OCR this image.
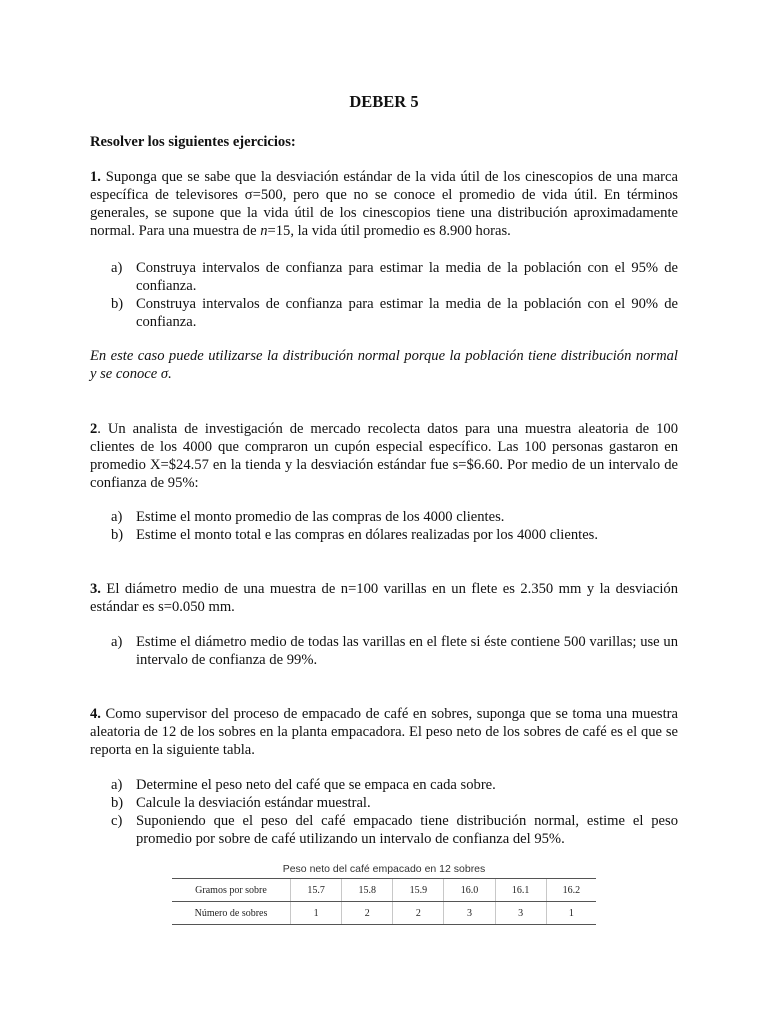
DEBER 5
Resolver los siguientes ejercicios:
1. Suponga que se sabe que la desviación estándar de la vida útil de los cinescopios de una marca específica de televisores σ=500, pero que no se conoce el promedio de vida útil. En términos generales, se supone que la vida útil de los cinescopios tiene una distribución aproximadamente normal. Para una muestra de n=15, la vida útil promedio es 8.900 horas.
a) Construya intervalos de confianza para estimar la media de la población con el 95% de confianza.
b) Construya intervalos de confianza para estimar la media de la población con el 90% de confianza.
En este caso puede utilizarse la distribución normal porque la población tiene distribución normal y se conoce σ.
2. Un analista de investigación de mercado recolecta datos para una muestra aleatoria de 100 clientes de los 4000 que compraron un cupón especial específico. Las 100 personas gastaron en promedio X=$24.57 en la tienda y la desviación estándar fue s=$6.60. Por medio de un intervalo de confianza de 95%:
a) Estime el monto promedio de las compras de los 4000 clientes.
b) Estime el monto total e las compras en dólares realizadas por los 4000 clientes.
3. El diámetro medio de una muestra de n=100 varillas en un flete es 2.350 mm y la desviación estándar es s=0.050 mm.
a) Estime el diámetro medio de todas las varillas en el flete si éste contiene 500 varillas; use un intervalo de confianza de 99%.
4. Como supervisor del proceso de empacado de café en sobres, suponga que se toma una muestra aleatoria de 12 de los sobres en la planta empacadora. El peso neto de los sobres de café es el que se reporta en la siguiente tabla.
a) Determine el peso neto del café que se empaca en cada sobre.
b) Calcule la desviación estándar muestral.
c) Suponiendo que el peso del café empacado tiene distribución normal, estime el peso promedio por sobre de café utilizando un intervalo de confianza del 95%.
Peso neto del café empacado en 12 sobres
Gramos por sobre	15.7	15.8	15.9	16.0	16.1	16.2
Número de sobres	1	2	2	3	3	1
